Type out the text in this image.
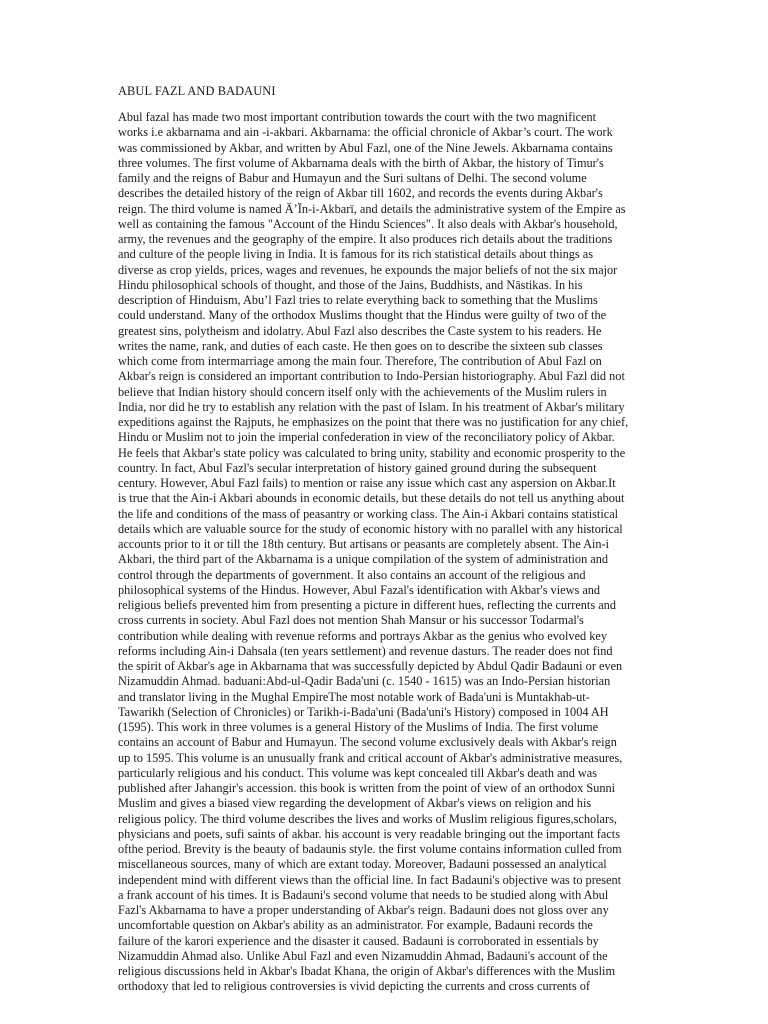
ABUL FAZL AND BADAUNI

Abul fazal has made two most important contribution towards the court with the two magnificent
works i.e akbarnama and ain -i-akbari. Akbarnama: the official chronicle of Akbar’s court. The work
was commissioned by Akbar, and written by Abul Fazl, one of the Nine Jewels. Akbarnama contains
three volumes. The first volume of Akbarnama deals with the birth of Akbar, the history of Timur's
family and the reigns of Babur and Humayun and the Suri sultans of Delhi. The second volume
describes the detailed history of the reign of Akbar till 1602, and records the events during Akbar's
reign. The third volume is named Ä’Ïn-i-Akbarī, and details the administrative system of the Empire as
well as containing the famous "Account of the Hindu Sciences". It also deals with Akbar's household,
army, the revenues and the geography of the empire. It also produces rich details about the traditions
and culture of the people living in India. It is famous for its rich statistical details about things as
diverse as crop yields, prices, wages and revenues, he expounds the major beliefs of not the six major
Hindu philosophical schools of thought, and those of the Jains, Buddhists, and Nāstikas. In his
description of Hinduism, Abu’l Fazl tries to relate everything back to something that the Muslims
could understand. Many of the orthodox Muslims thought that the Hindus were guilty of two of the
greatest sins, polytheism and idolatry. Abul Fazl also describes the Caste system to his readers. He
writes the name, rank, and duties of each caste. He then goes on to describe the sixteen sub classes
which come from intermarriage among the main four. Therefore, The contribution of Abul Fazl on
Akbar's reign is considered an important contribution to Indo-Persian historiography. Abul Fazl did not
believe that Indian history should concern itself only with the achievements of the Muslim rulers in
India, nor did he try to establish any relation with the past of Islam. In his treatment of Akbar's military
expeditions against the Rajputs, he emphasizes on the point that there was no justification for any chief,
Hindu or Muslim not to join the imperial confederation in view of the reconciliatory policy of Akbar.
He feels that Akbar's state policy was calculated to bring unity, stability and economic prosperity to the
country. In fact, Abul Fazl's secular interpretation of history gained ground during the subsequent
century. However, Abul Fazl fails) to mention or raise any issue which cast any aspersion on Akbar.It
is true that the Ain-i Akbari abounds in economic details, but these details do not tell us anything about
the life and conditions of the mass of peasantry or working class. The Ain-i Akbari contains statistical
details which are valuable source for the study of economic history with no parallel with any historical
accounts prior to it or till the 18th century. But artisans or peasants are completely absent. The Ain-i
Akbari, the third part of the Akbarnama is a unique compilation of the system of administration and
control through the departments of government. It also contains an account of the religious and
philosophical systems of the Hindus. However, Abul Fazal's identification with Akbar's views and
religious beliefs prevented him from presenting a picture in different hues, reflecting the currents and
cross currents in society. Abul Fazl does not mention Shah Mansur or his successor Todarmal's
contribution while dealing with revenue reforms and portrays Akbar as the genius who evolved key
reforms including Ain-i Dahsala (ten years settlement) and revenue dasturs. The reader does not find
the spirit of Akbar's age in Akbarnama that was successfully depicted by Abdul Qadir Badauni or even
Nizamuddin Ahmad. baduani:Abd-ul-Qadir Bada'uni (c. 1540 - 1615) was an Indo-Persian historian
and translator living in the Mughal EmpireThe most notable work of Bada'uni is Muntakhab-ut-
Tawarikh (Selection of Chronicles) or Tarikh-i-Bada'uni (Bada'uni's History) composed in 1004 AH
(1595). This work in three volumes is a general History of the Muslims of India. The first volume
contains an account of Babur and Humayun. The second volume exclusively deals with Akbar's reign
up to 1595. This volume is an unusually frank and critical account of Akbar's administrative measures,
particularly religious and his conduct. This volume was kept concealed till Akbar's death and was
published after Jahangir's accession. this book is written from the point of view of an orthodox Sunni
Muslim and gives a biased view regarding the development of Akbar's views on religion and his
religious policy. The third volume describes the lives and works of Muslim religious figures,scholars,
physicians and poets, sufi saints of akbar. his account is very readable bringing out the important facts
ofthe period. Brevity is the beauty of badaunis style. the first volume contains information culled from
miscellaneous sources, many of which are extant today. Moreover, Badauni possessed an analytical
independent mind with different views than the official line. In fact Badauni's objective was to present
a frank account of his times. It is Badauni's second volume that needs to be studied along with Abul
Fazl's Akbarnama to have a proper understanding of Akbar's reign. Badauni does not gloss over any
uncomfortable question on Akbar's ability as an administrator. For example, Badauni records the
failure of the karori experience and the disaster it caused. Badauni is corroborated in essentials by
Nizamuddin Ahmad also. Unlike Abul Fazl and even Nizamuddin Ahmad, Badauni's account of the
religious discussions held in Akbar's Ibadat Khana, the origin of Akbar's differences with the Muslim
orthodoxy that led to religious controversies is vivid depicting the currents and cross currents of
